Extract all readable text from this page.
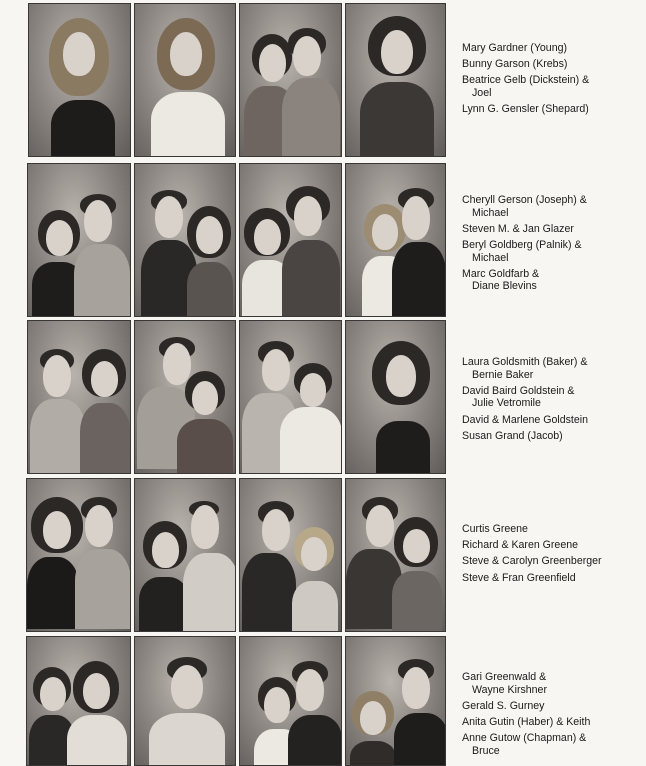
Mary Gardner (Young)
Bunny Garson (Krebs)
Beatrice Gelb (Dickstein) &
Joel
Lynn G. Gensler (Shepard)
Cheryll Gerson (Joseph) &
Michael
Steven M. & Jan Glazer
Beryl Goldberg (Palnik) &
Michael
Marc Goldfarb &
Diane Blevins
Laura Goldsmith (Baker) &
Bernie Baker
David Baird Goldstein &
Julie Vetromile
David & Marlene Goldstein
Susan Grand (Jacob)
Curtis Greene
Richard & Karen Greene
Steve & Carolyn Greenberger
Steve & Fran Greenfield
Gari Greenwald &
Wayne Kirshner
Gerald S. Gurney
Anita Gutin (Haber) & Keith
Anne Gutow (Chapman) &
Bruce
